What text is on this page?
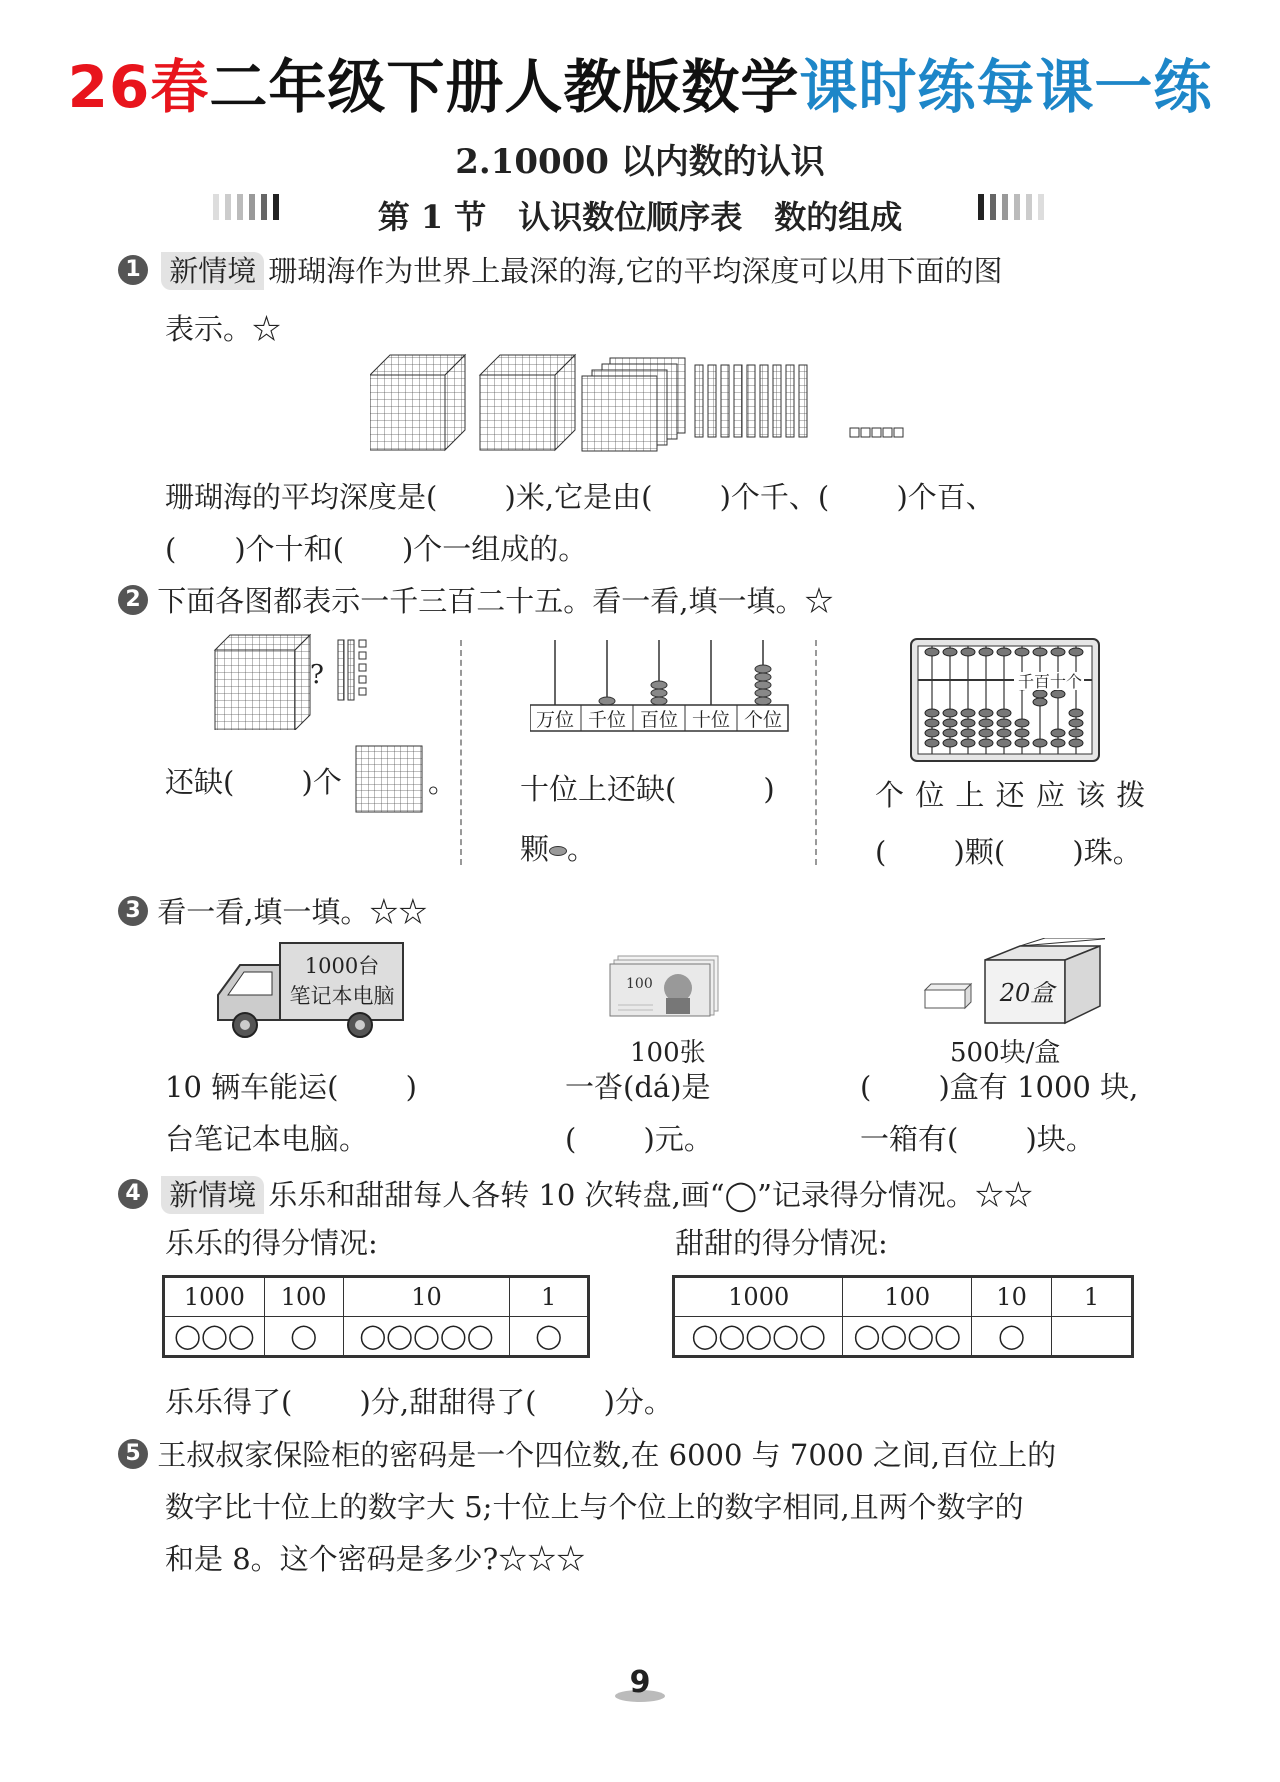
26春二年级下册人教版数学课时练每课一练
2.10000 以内数的认识
第 1 节　认识数位顺序表　数的组成
1 新情境 珊瑚海作为世界上最深的海,它的平均深度可以用下面的图
表示。☆
珊瑚海的平均深度是(　　 )米,它是由(　　 )个千、(　　 )个百、
(　　)个十和(　　)个一组成的。
2 下面各图都表示一千三百二十五。看一看,填一填。☆
?
还缺(　　 )个	。
万位 千位 百位 十位 个位
十位上还缺(　　　)
颗 。
千百十个
个 位 上 还 应 该 拨
(　　 )颗(　　 )珠。
3 看一看,填一填。☆☆
1000台
笔记本电脑	100
100张
20盒
500块/盒
10 辆车能运(　　 )
台笔记本电脑。
一沓(dá)是
(　　 )元。
(　　 )盒有 1000 块,
一箱有(　　 )块。
4 新情境 乐乐和甜甜每人各转 10 次转盘,画“◯”记录得分情况。☆☆
乐乐的得分情况:	甜甜的得分情况:
1000	100	10	1
◯◯◯	◯	◯◯◯◯◯	◯
1000	100	10	1
◯◯◯◯◯	◯◯◯◯	◯	
乐乐得了(　　 )分,甜甜得了(　　 )分。
5 王叔叔家保险柜的密码是一个四位数,在 6000 与 7000 之间,百位上的
数字比十位上的数字大 5;十位上与个位上的数字相同,且两个数字的
和是 8。这个密码是多少?☆☆☆
9
